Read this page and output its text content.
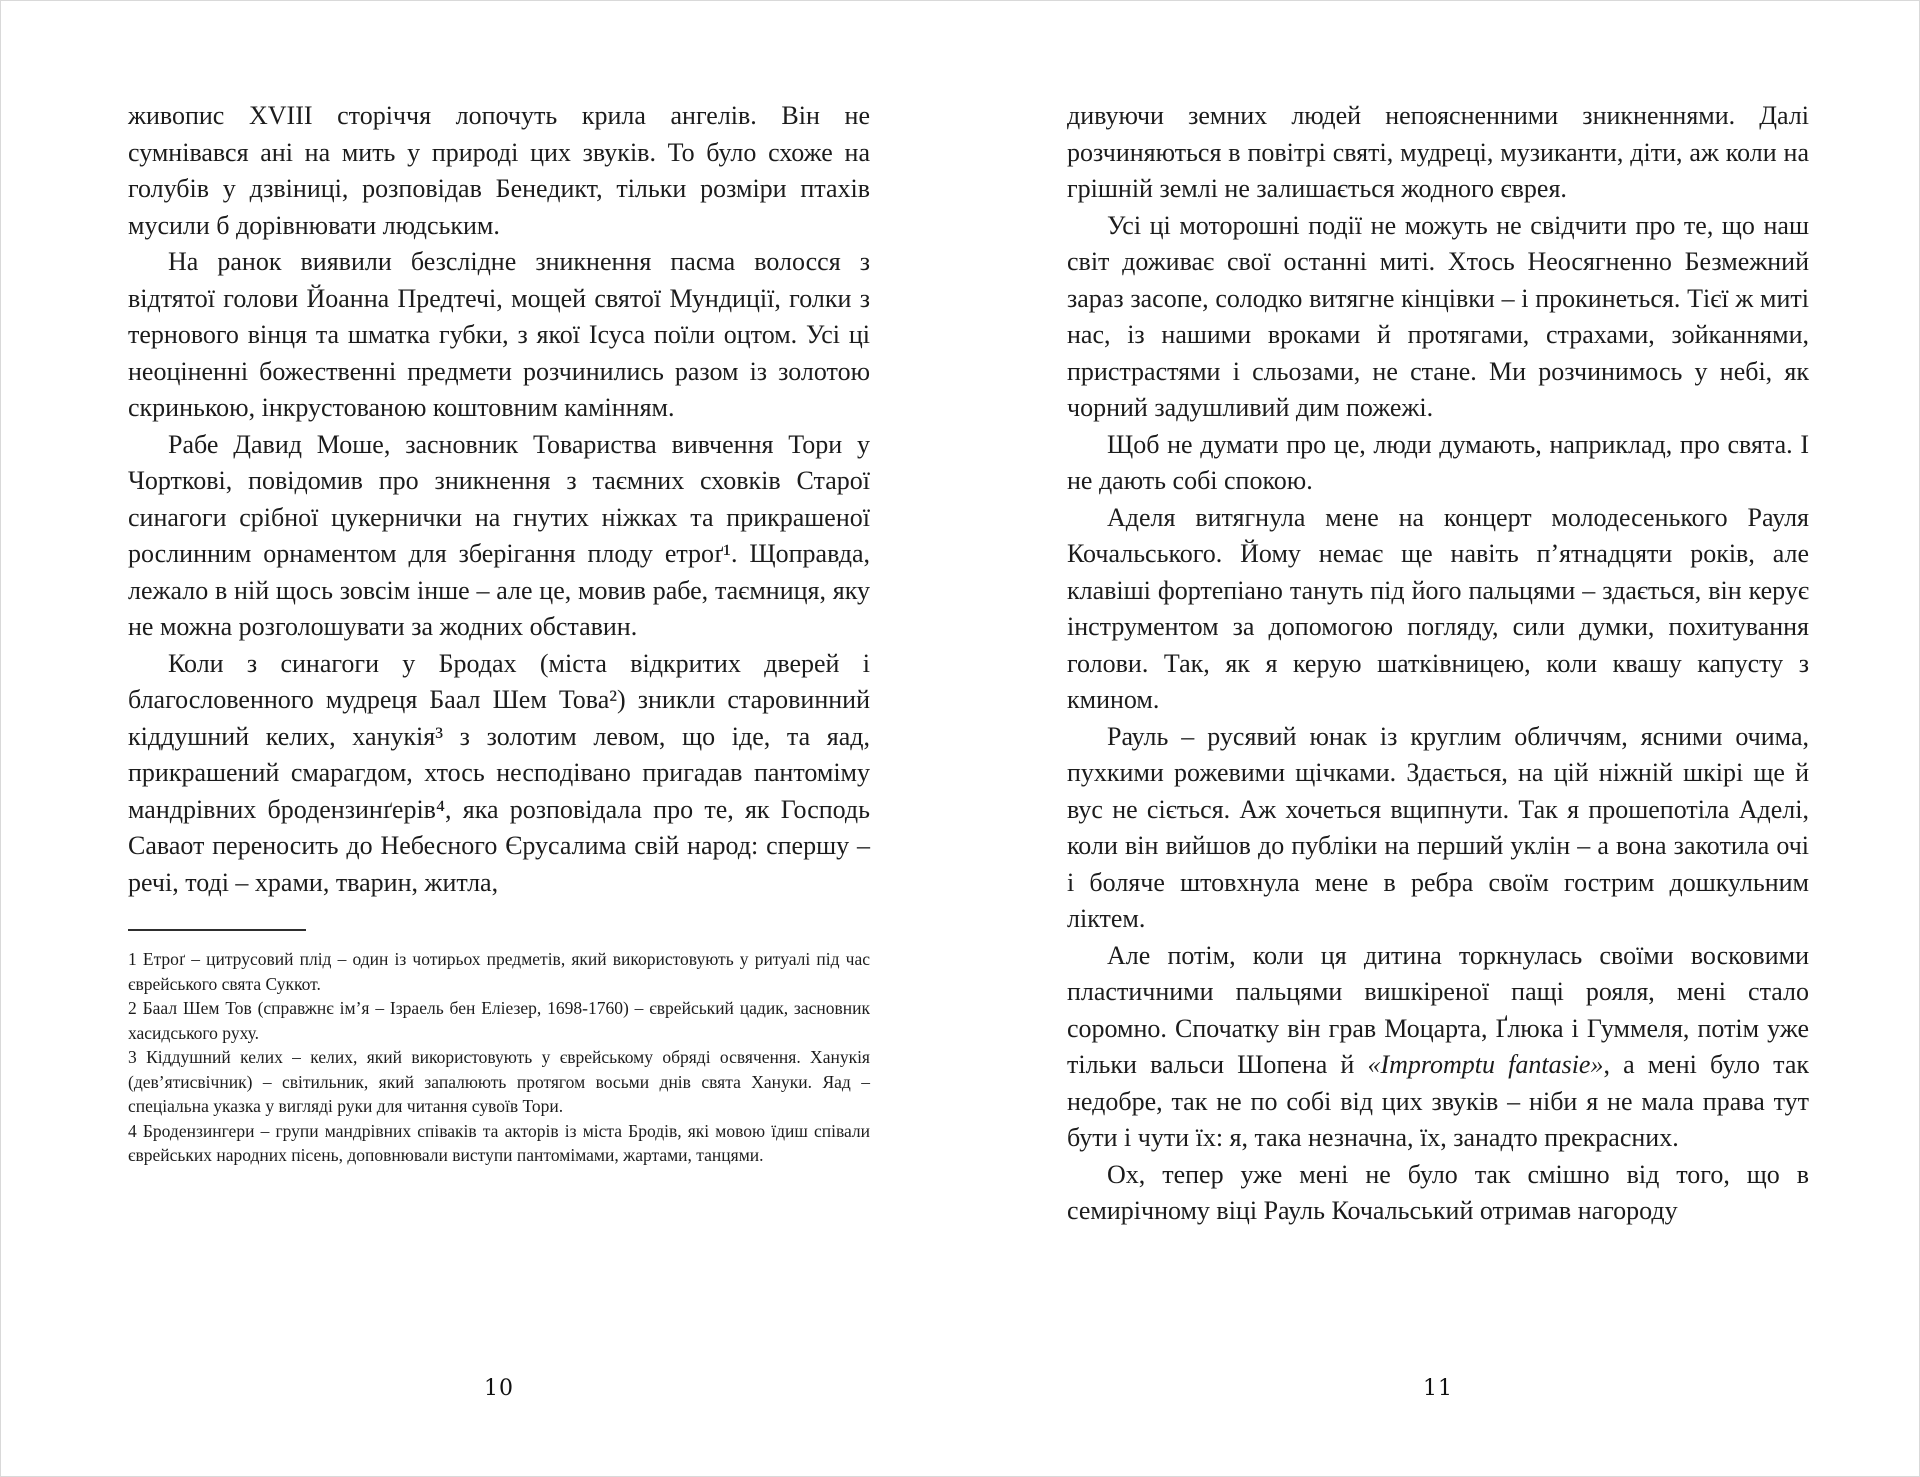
живопис XVIII сторіччя лопочуть крила ангелів. Він не сумнівався ані на мить у природі цих звуків. То було схоже на голубів у дзвіниці, розповідав Бенедикт, тільки розміри птахів мусили б дорівнювати людським.

На ранок виявили безслідне зникнення пасма волосся з відтятої голови Йоанна Предтечі, мощей святої Мундиції, голки з тернового вінця та шматка губки, з якої Ісуса поїли оцтом. Усі ці неоціненні божественні предмети розчинились разом із золотою скринькою, інкрустованою коштовним камінням.

Рабе Давид Моше, засновник Товариства вивчення Тори у Чорткові, повідомив про зникнення з таємних сховків Старої синагоги срібної цукернички на гнутих ніжках та прикрашеної рослинним орнаментом для зберігання плоду етроґ¹. Щоправда, лежало в ній щось зовсім інше – але це, мовив рабе, таємниця, яку не можна розголошувати за жодних обставин.

Коли з синагоги у Бродах (міста відкритих дверей і благословенного мудреця Баал Шем Това²) зникли старовинний кіддушний келих, ханукія³ з золотим левом, що іде, та яад, прикрашений смарагдом, хтось несподівано пригадав пантоміму мандрівних бродензинґерів⁴, яка розповідала про те, як Господь Саваот переносить до Небесного Єрусалима свій народ: спершу – речі, тоді – храми, тварин, житла,

1 Етроґ – цитрусовий плід – один із чотирьох предметів, який використовують у ритуалі під час єврейського свята Суккот.

2 Баал Шем Тов (справжнє ім’я – Ізраель бен Еліезер, 1698-1760) – єврейський цадик, засновник хасидського руху.

3 Кіддушний келих – келих, який використовують у єврейському обряді освячення. Ханукія (дев’ятисвічник) – світильник, який запалюють протягом восьми днів свята Хануки. Яад – спеціальна указка у вигляді руки для читання сувоїв Тори.

4 Бродензингери – групи мандрівних співаків та акторів із міста Бродів, які мовою їдиш співали єврейських народних пісень, доповнювали виступи пантомімами, жартами, танцями.

дивуючи земних людей непоясненними зникненнями. Далі розчиняються в повітрі святі, мудреці, музиканти, діти, аж коли на грішній землі не залишається жодного єврея.

Усі ці моторошні події не можуть не свідчити про те, що наш світ доживає свої останні миті. Хтось Неосягненно Безмежний зараз засопе, солодко витягне кінцівки – і прокинеться. Тієї ж миті нас, із нашими вроками й протягами, страхами, зойканнями, пристрастями і сльозами, не стане. Ми розчинимось у небі, як чорний задушливий дим пожежі.

Щоб не думати про це, люди думають, наприклад, про свята. І не дають собі спокою.

Аделя витягнула мене на концерт молодесенького Рауля Кочальського. Йому немає ще навіть п’ятнадцяти років, але клавіші фортепіано тануть під його пальцями – здається, він керує інструментом за допомогою погляду, сили думки, похитування голови. Так, як я керую шатківницею, коли квашу капусту з кмином.

Рауль – русявий юнак із круглим обличчям, ясними очима, пухкими рожевими щічками. Здається, на цій ніжній шкірі ще й вус не сіється. Аж хочеться вщипнути. Так я прошепотіла Аделі, коли він вийшов до публіки на перший уклін – а вона закотила очі і боляче штовхнула мене в ребра своїм гострим дошкульним ліктем.

Але потім, коли ця дитина торкнулась своїми восковими пластичними пальцями вишкіреної пащі рояля, мені стало соромно. Спочатку він грав Моцарта, Ґлюка і Гуммеля, потім уже тільки вальси Шопена й «Impromptu fantasie», а мені було так недобре, так не по собі від цих звуків – ніби я не мала права тут бути і чути їх: я, така незначна, їх, занадто прекрасних.

Ох, тепер уже мені не було так смішно від того, що в семирічному віці Рауль Кочальський отримав нагороду

10	11
